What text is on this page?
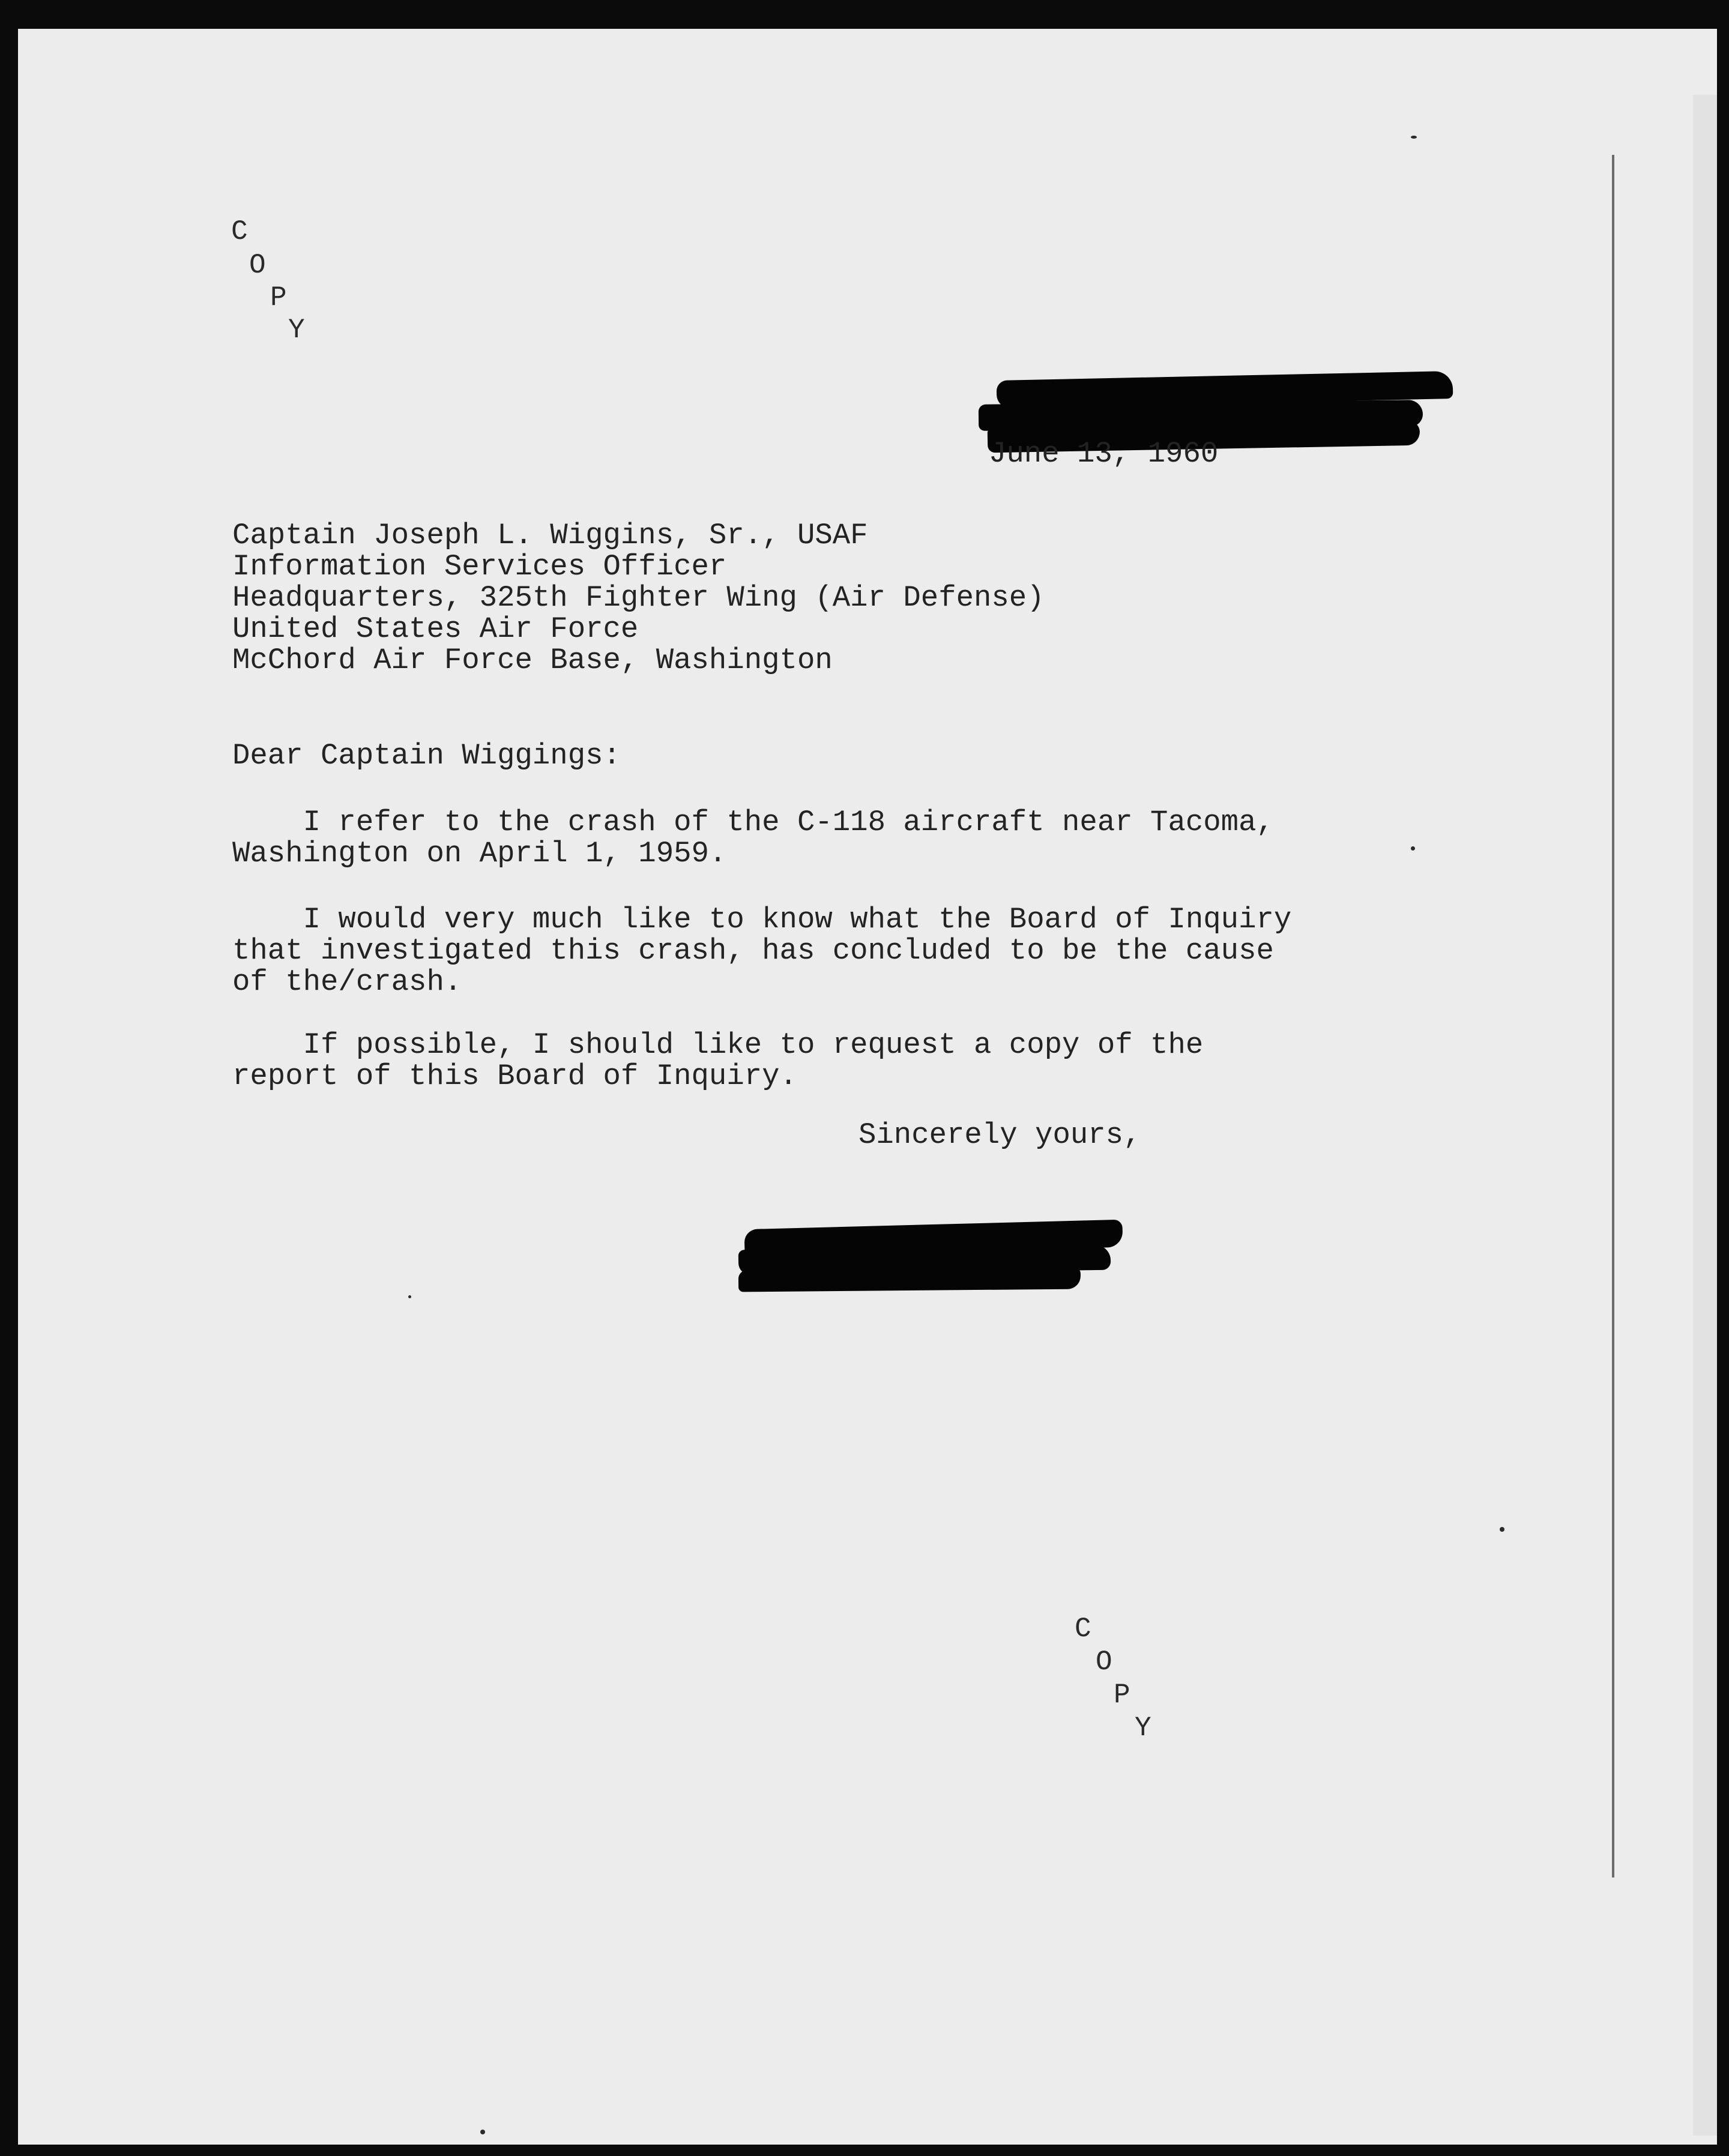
C
O
P
Y

June 13, 1960

Captain Joseph L. Wiggins, Sr., USAF

Information Services Officer

Headquarters, 325th Fighter Wing (Air Defense)

United States Air Force

McChord Air Force Base, Washington

Dear Captain Wiggings:

I refer to the crash of the C-118 aircraft near Tacoma,

Washington on April 1, 1959.

I would very much like to know what the Board of Inquiry

that investigated this crash, has concluded to be the cause

of the/crash.

If possible, I should like to request a copy of the

report of this Board of Inquiry.

Sincerely yours,

C
O
P
Y
